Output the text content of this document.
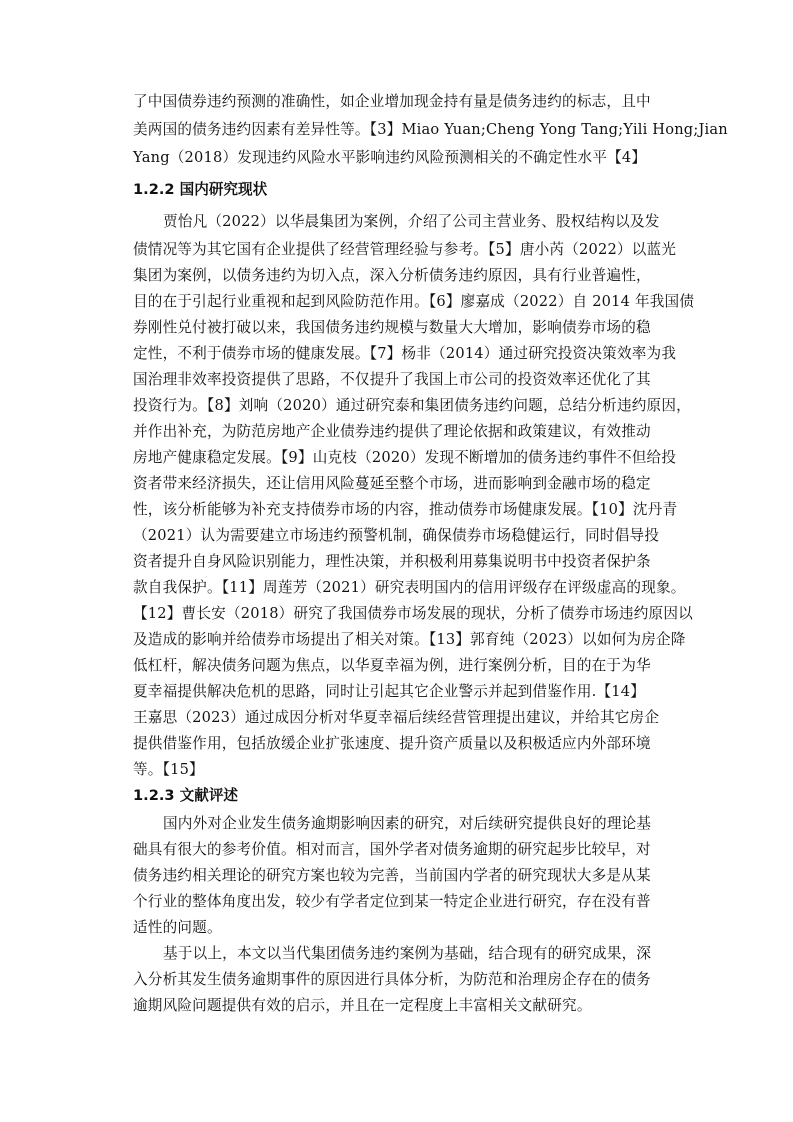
了中国债券违约预测的准确性，如企业增加现金持有量是债务违约的标志，且中
美两国的债务违约因素有差异性等。【3】Miao Yuan;Cheng Yong Tang;Yili Hong;Jian
Yang（2018）发现违约风险水平影响违约风险预测相关的不确定性水平【4】
1.2.2 国内研究现状
贾怡凡（2022）以华晨集团为案例，介绍了公司主营业务、股权结构以及发
债情况等为其它国有企业提供了经营管理经验与参考。【5】唐小芮（2022）以蓝光
集团为案例，以债务违约为切入点，深入分析债务违约原因，具有行业普遍性，
目的在于引起行业重视和起到风险防范作用。【6】廖嘉成（2022）自 2014 年我国债
券刚性兑付被打破以来，我国债务违约规模与数量大大增加，影响债券市场的稳
定性，不利于债券市场的健康发展。【7】杨非（2014）通过研究投资决策效率为我
国治理非效率投资提供了思路，不仅提升了我国上市公司的投资效率还优化了其
投资行为。【8】刘响（2020）通过研究泰和集团债务违约问题，总结分析违约原因，
并作出补充，为防范房地产企业债券违约提供了理论依据和政策建议，有效推动
房地产健康稳定发展。【9】山克枝（2020）发现不断增加的债务违约事件不但给投
资者带来经济损失，还让信用风险蔓延至整个市场，进而影响到金融市场的稳定
性，该分析能够为补充支持债券市场的内容，推动债券市场健康发展。【10】沈丹青
（2021）认为需要建立市场违约预警机制，确保债券市场稳健运行，同时倡导投
资者提升自身风险识别能力，理性决策，并积极利用募集说明书中投资者保护条
款自我保护。【11】周莲芳（2021）研究表明国内的信用评级存在评级虚高的现象。
【12】曹长安（2018）研究了我国债券市场发展的现状，分析了债券市场违约原因以
及造成的影响并给债券市场提出了相关对策。【13】郭育纯（2023）以如何为房企降
低杠杆，解决债务问题为焦点，以华夏幸福为例，进行案例分析，目的在于为华
夏幸福提供解决危机的思路，同时让引起其它企业警示并起到借鉴作用.【14】
王嘉思（2023）通过成因分析对华夏幸福后续经营管理提出建议，并给其它房企
提供借鉴作用，包括放缓企业扩张速度、提升资产质量以及积极适应内外部环境
等。【15】
1.2.3 文献评述
国内外对企业发生债务逾期影响因素的研究，对后续研究提供良好的理论基
础具有很大的参考价值。相对而言，国外学者对债务逾期的研究起步比较早，对
债务违约相关理论的研究方案也较为完善，当前国内学者的研究现状大多是从某
个行业的整体角度出发，较少有学者定位到某一特定企业进行研究，存在没有普
适性的问题。
基于以上，本文以当代集团债务违约案例为基础，结合现有的研究成果，深
入分析其发生债务逾期事件的原因进行具体分析，为防范和治理房企存在的债务
逾期风险问题提供有效的启示，并且在一定程度上丰富相关文献研究。
